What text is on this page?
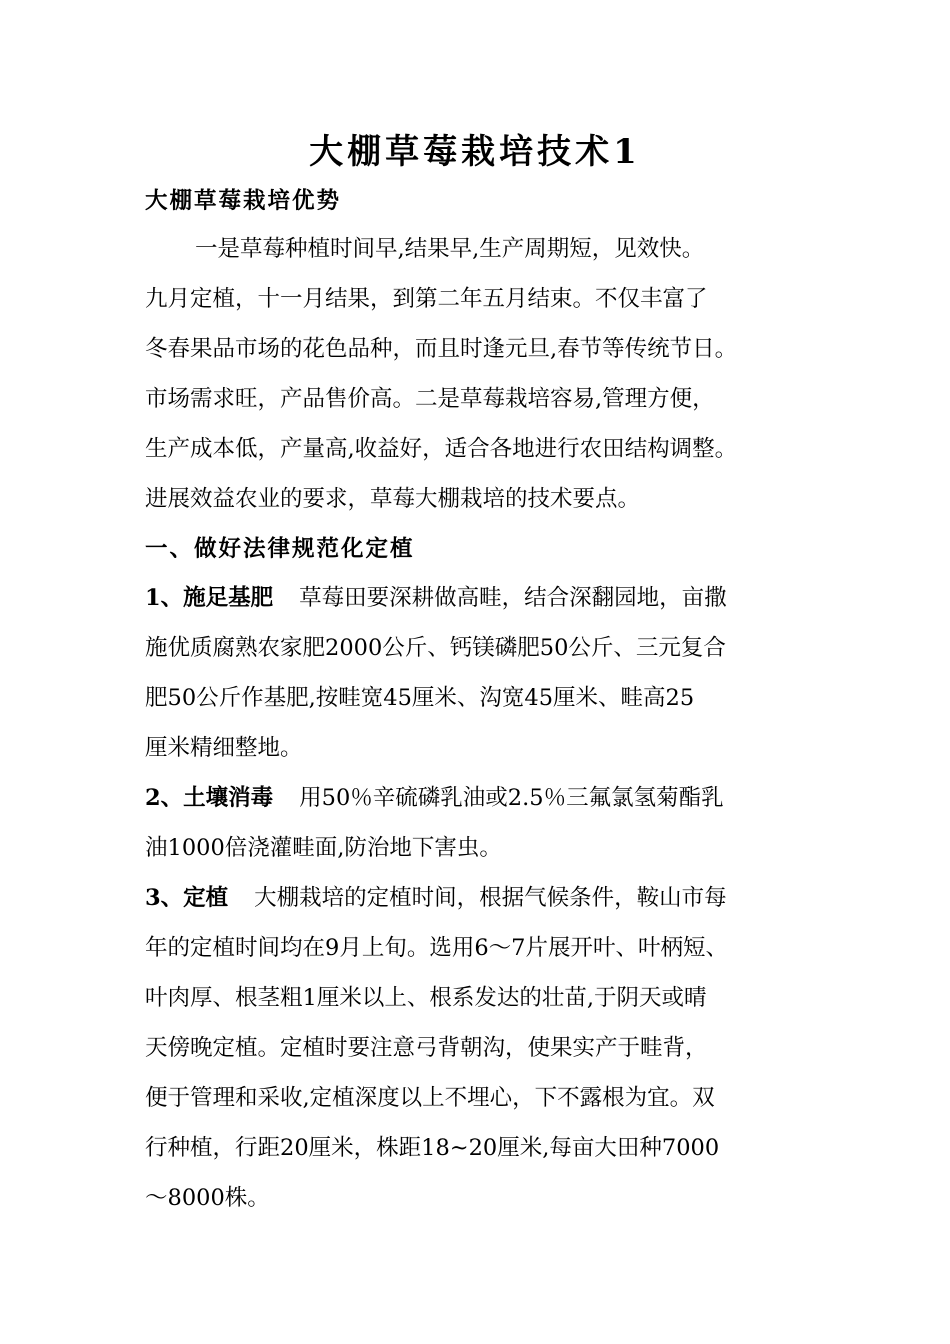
大棚草莓栽培技术1
大棚草莓栽培优势
一是草莓种植时间早,结果早,生产周期短，见效快。
九月定植，十一月结果，到第二年五月结束。不仅丰富了
冬春果品市场的花色品种，而且时逢元旦,春节等传统节日。
市场需求旺，产品售价高。二是草莓栽培容易,管理方便，
生产成本低，产量高,收益好，适合各地进行农田结构调整。
进展效益农业的要求，草莓大棚栽培的技术要点。
一、做好法律规范化定植
1、施足基肥 草莓田要深耕做高畦，结合深翻园地，亩撒
施优质腐熟农家肥2000公斤、钙镁磷肥50公斤、三元复合
肥50公斤作基肥,按畦宽45厘米、沟宽45厘米、畦高25
厘米精细整地。
2、土壤消毒 用50％辛硫磷乳油或2.5％三氟氯氢菊酯乳
油1000倍浇灌畦面,防治地下害虫。
3、定植 大棚栽培的定植时间，根据气候条件，鞍山市每
年的定植时间均在9月上旬。选用6～7片展开叶、叶柄短、
叶肉厚、根茎粗1厘米以上、根系发达的壮苗,于阴天或晴
天傍晚定植。定植时要注意弓背朝沟，使果实产于畦背，
便于管理和采收,定植深度以上不埋心，下不露根为宜。双
行种植，行距20厘米，株距18~20厘米,每亩大田种7000
～8000株。
